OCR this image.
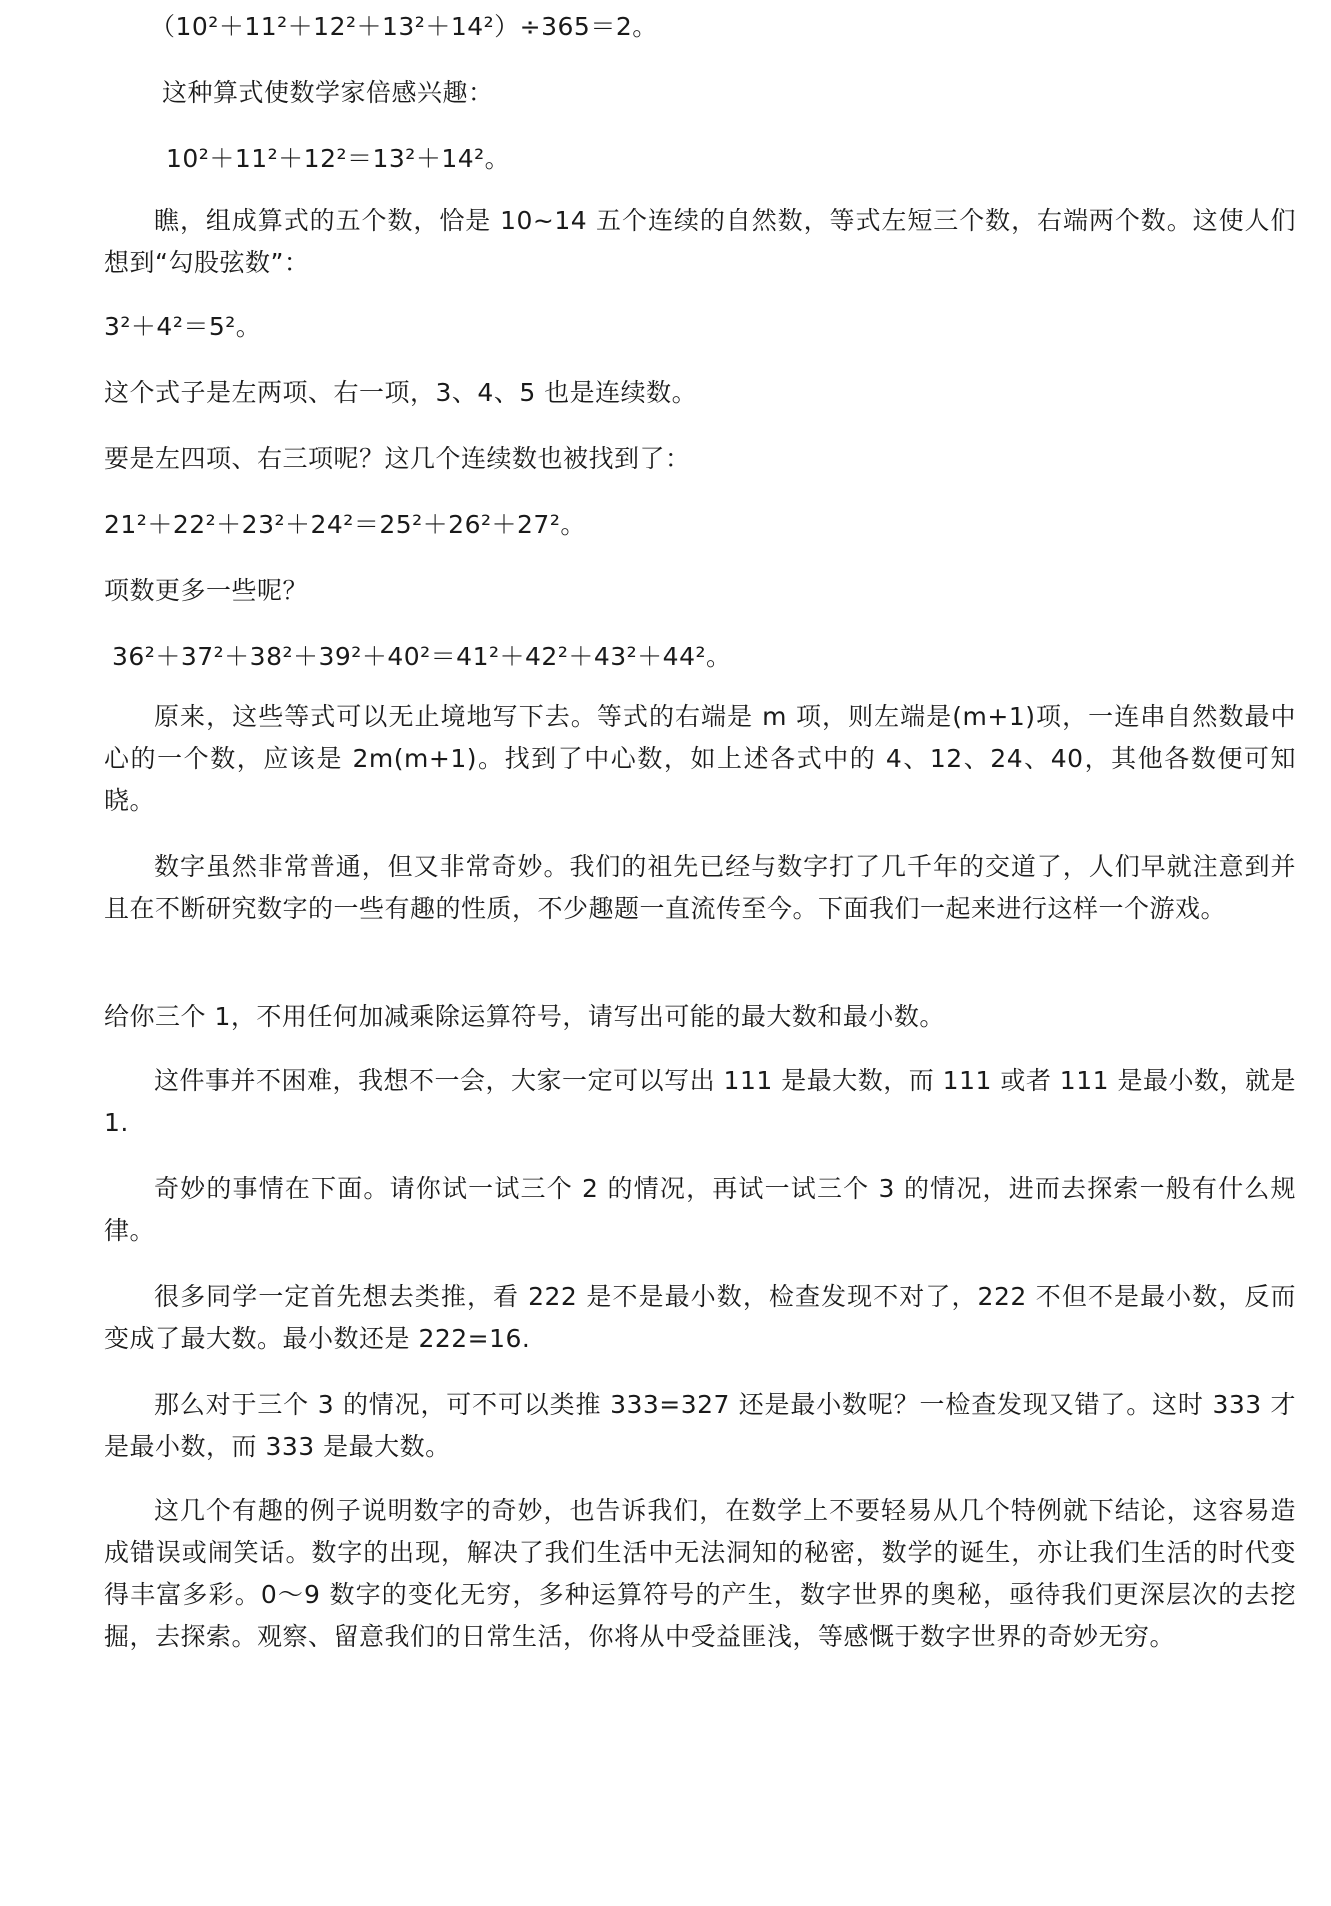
（10²＋11²＋12²＋13²＋14²）÷365＝2。
这种算式使数学家倍感兴趣：
10²＋11²＋12²＝13²＋14²。

瞧，组成算式的五个数，恰是 10~14 五个连续的自然数，等式左短三个数，右端两个数。这使人们想到“勾股弦数”：

3²＋4²＝5²。
这个式子是左两项、右一项，3、4、5 也是连续数。
要是左四项、右三项呢？这几个连续数也被找到了：
21²＋22²＋23²＋24²＝25²＋26²＋27²。
项数更多一些呢？
36²＋37²＋38²＋39²＋40²＝41²＋42²＋43²＋44²。

原来，这些等式可以无止境地写下去。等式的右端是 m 项，则左端是(m+1)项，一连串自然数最中心的一个数，应该是 2m(m+1)。找到了中心数，如上述各式中的 4、12、24、40，其他各数便可知晓。

数字虽然非常普通，但又非常奇妙。我们的祖先已经与数字打了几千年的交道了，人们早就注意到并且在不断研究数字的一些有趣的性质，不少趣题一直流传至今。下面我们一起来进行这样一个游戏。

给你三个 1，不用任何加减乘除运算符号，请写出可能的最大数和最小数。

这件事并不困难，我想不一会，大家一定可以写出 111 是最大数，而 111 或者 111 是最小数，就是 1.

奇妙的事情在下面。请你试一试三个 2 的情况，再试一试三个 3 的情况，进而去探索一般有什么规律。

很多同学一定首先想去类推，看 222 是不是最小数，检查发现不对了，222 不但不是最小数，反而变成了最大数。最小数还是 222=16.

那么对于三个 3 的情况，可不可以类推 333=327 还是最小数呢？一检查发现又错了。这时 333 才是最小数，而 333 是最大数。

这几个有趣的例子说明数字的奇妙，也告诉我们，在数学上不要轻易从几个特例就下结论，这容易造成错误或闹笑话。数字的出现，解决了我们生活中无法洞知的秘密，数学的诞生，亦让我们生活的时代变得丰富多彩。0～9 数字的变化无穷，多种运算符号的产生，数字世界的奥秘，亟待我们更深层次的去挖掘，去探索。观察、留意我们的日常生活，你将从中受益匪浅，等感慨于数字世界的奇妙无穷。
